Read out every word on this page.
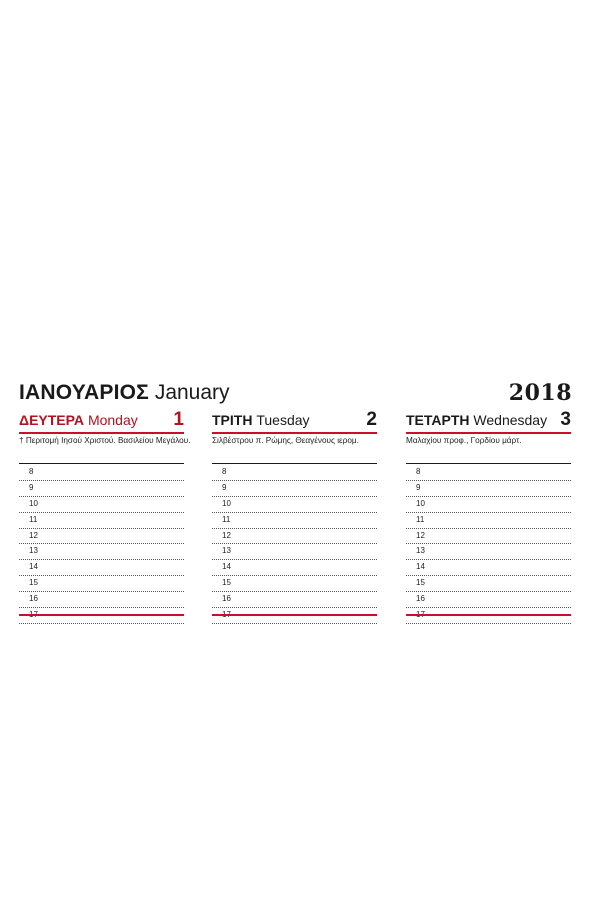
ΙΑΝΟΥΑΡΙΟΣ January	2018
ΔΕΥΤΕΡΑ Monday 1
† Περιτομή Ιησού Χριστού. Βασιλείου Μεγάλου.
8
9
10
11
12
13
14
15
16
17
ΤΡΙΤΗ Tuesday	2
Σιλβέστρου π. Ρώμης, Θεαγένους ιερομ.
8
9
10
11
12
13
14
15
16
17
ΤΕΤΑΡΤΗ Wednesday 3
Μαλαχίου προφ., Γορδίου μάρτ.
8
9
10
11
12
13
14
15
16
17
